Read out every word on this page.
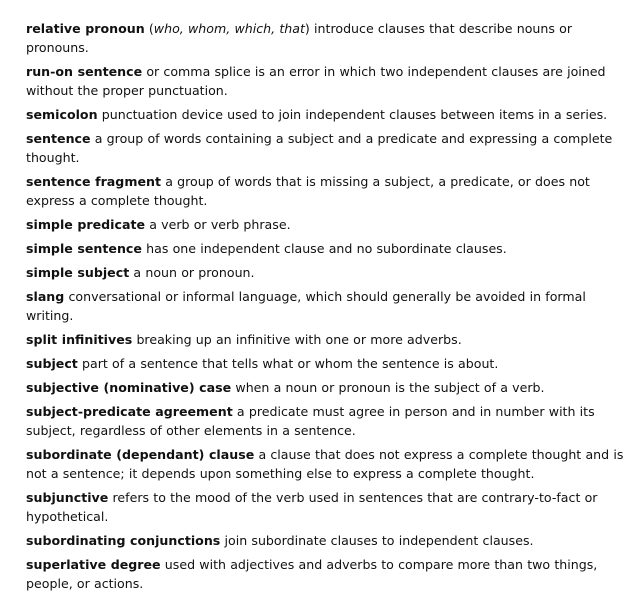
relative pronoun (who, whom, which, that) introduce clauses that describe nouns or pronouns.

run-on sentence or comma splice is an error in which two independent clauses are joined without the proper punctuation.

semicolon punctuation device used to join independent clauses between items in a series.

sentence a group of words containing a subject and a predicate and expressing a complete thought.

sentence fragment a group of words that is missing a subject, a predicate, or does not express a complete thought.

simple predicate a verb or verb phrase.

simple sentence has one independent clause and no subordinate clauses.

simple subject a noun or pronoun.

slang conversational or informal language, which should generally be avoided in formal writing.

split infinitives breaking up an infinitive with one or more adverbs.

subject part of a sentence that tells what or whom the sentence is about.

subjective (nominative) case when a noun or pronoun is the subject of a verb.

subject-predicate agreement a predicate must agree in person and in number with its subject, regardless of other elements in a sentence.

subordinate (dependant) clause a clause that does not express a complete thought and is not a sentence; it depends upon something else to express a complete thought.

subjunctive refers to the mood of the verb used in sentences that are contrary-to-fact or hypothetical.

subordinating conjunctions join subordinate clauses to independent clauses.

superlative degree used with adjectives and adverbs to compare more than two things, people, or actions.
